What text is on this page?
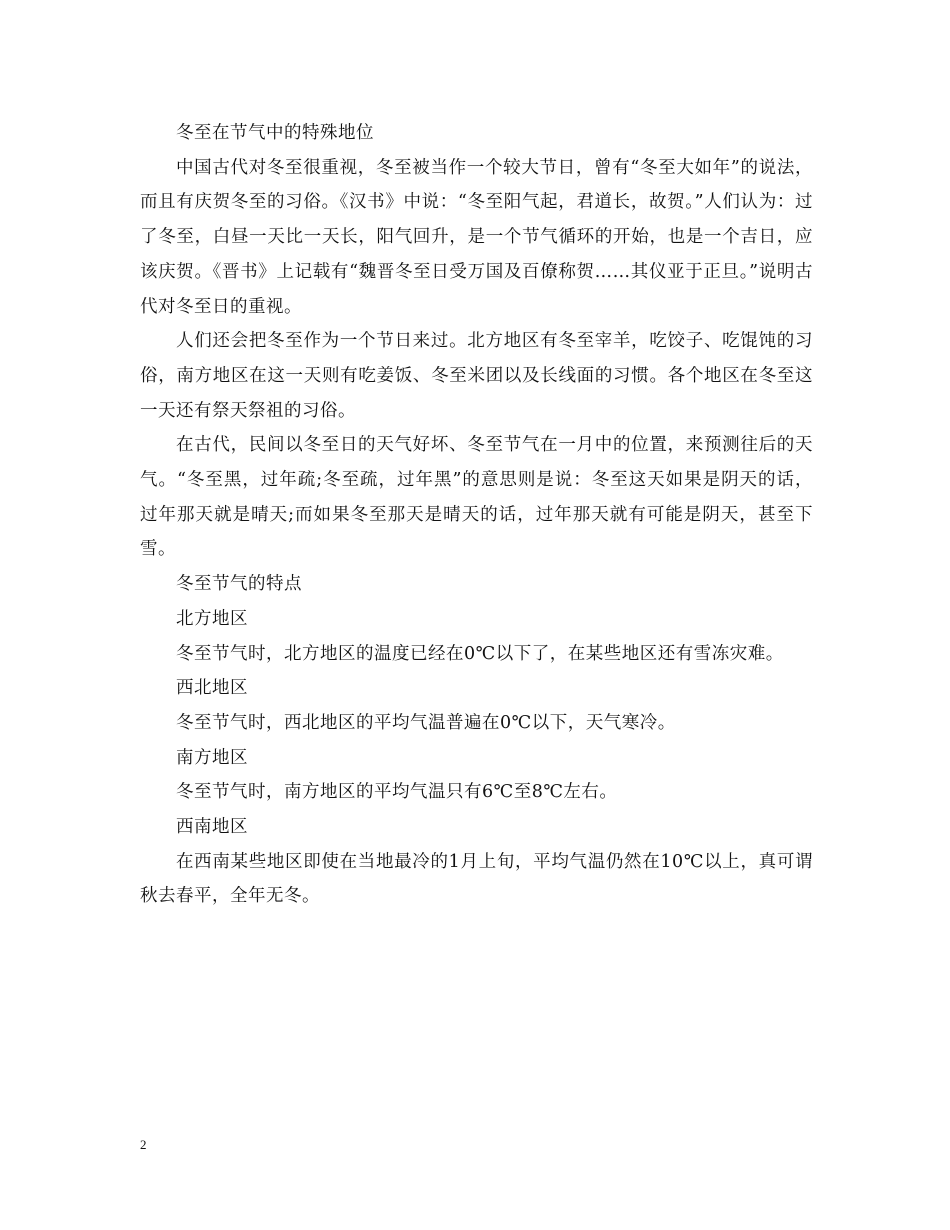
冬至在节气中的特殊地位

中国古代对冬至很重视，冬至被当作一个较大节日，曾有“冬至大如年”的说法，而且有庆贺冬至的习俗。《汉书》中说：“冬至阳气起，君道长，故贺。”人们认为：过了冬至，白昼一天比一天长，阳气回升，是一个节气循环的开始，也是一个吉日，应该庆贺。《晋书》上记载有“魏晋冬至日受万国及百僚称贺……其仪亚于正旦。”说明古代对冬至日的重视。

人们还会把冬至作为一个节日来过。北方地区有冬至宰羊，吃饺子、吃馄饨的习俗，南方地区在这一天则有吃姜饭、冬至米团以及长线面的习惯。各个地区在冬至这一天还有祭天祭祖的习俗。

在古代，民间以冬至日的天气好坏、冬至节气在一月中的位置，来预测往后的天气。“冬至黑，过年疏;冬至疏，过年黑”的意思则是说：冬至这天如果是阴天的话，过年那天就是晴天;而如果冬至那天是晴天的话，过年那天就有可能是阴天，甚至下雪。

冬至节气的特点

北方地区

冬至节气时，北方地区的温度已经在0℃以下了，在某些地区还有雪冻灾难。

西北地区

冬至节气时，西北地区的平均气温普遍在0℃以下，天气寒冷。

南方地区

冬至节气时，南方地区的平均气温只有6℃至8℃左右。

西南地区

在西南某些地区即使在当地最冷的1月上旬，平均气温仍然在10℃以上，真可谓秋去春平，全年无冬。

2
